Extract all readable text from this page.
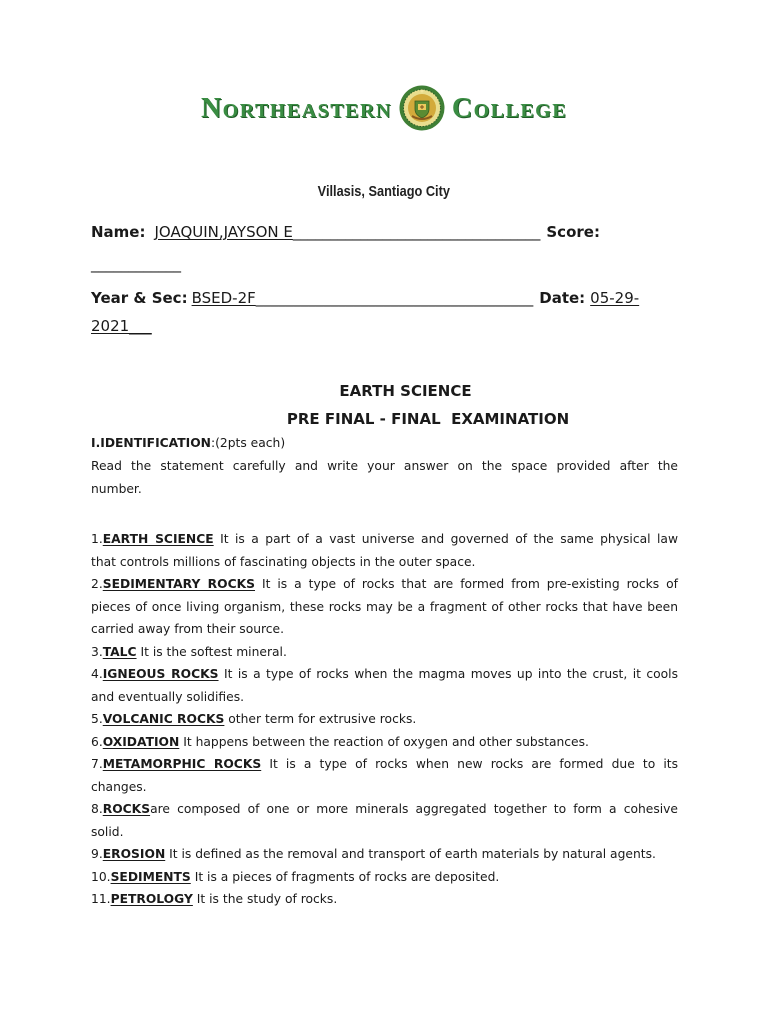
NORTHEASTERN	COLLEGE
Villasis, Santiago City
Name: JOAQUIN,JAYSON E_________________________________ Score:
____________
Year & Sec: BSED-2F_____________________________________ Date: 05-29-
2021___
EARTH SCIENCE
PRE FINAL - FINAL  EXAMINATION
I.IDENTIFICATION:(2pts each)
Read the statement carefully and write your answer on the space provided after the
number.
1.EARTH SCIENCE It is a part of a vast universe and governed of the same physical law
that controls millions of fascinating objects in the outer space.
2.SEDIMENTARY ROCKS It is a type of rocks that are formed from pre-existing rocks of
pieces of once living organism, these rocks may be a fragment of other rocks that have been
carried away from their source.
3.TALC It is the softest mineral.
4.IGNEOUS ROCKS It is a type of rocks when the magma moves up into the crust, it cools
and eventually solidifies.
5.VOLCANIC ROCKS other term for extrusive rocks.
6.OXIDATION It happens between the reaction of oxygen and other substances.
7.METAMORPHIC ROCKS It is a type of rocks when new rocks are formed due to its
changes.
8.ROCKSare composed of one or more minerals aggregated together to form a cohesive
solid.
9.EROSION It is defined as the removal and transport of earth materials by natural agents.
10.SEDIMENTS It is a pieces of fragments of rocks are deposited.
11.PETROLOGY It is the study of rocks.
